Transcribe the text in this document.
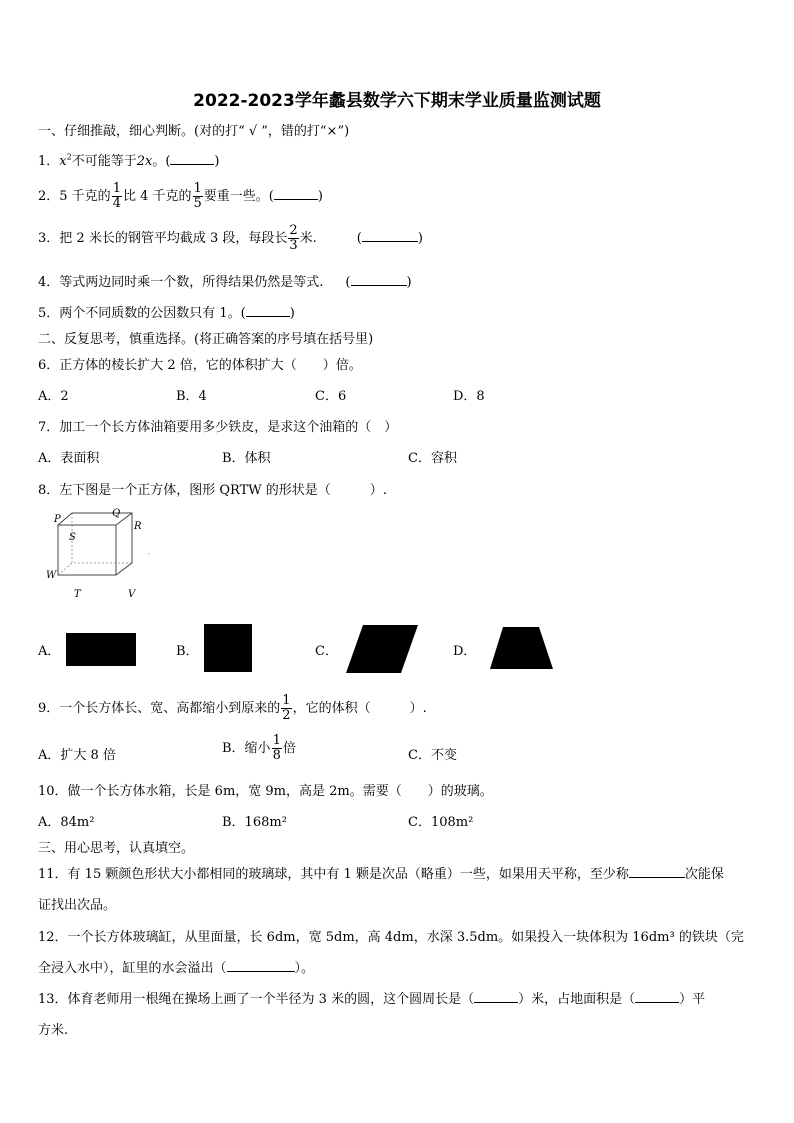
2022-2023学年蠡县数学六下期末学业质量监测试题
一、仔细推敲，细心判断。(对的打“ √ ”，错的打“×”)
1．$x^2$不可能等于2x。(	)
2．5 千克的 $\frac{1}{4}$ 比 4 千克的 $\frac{1}{5}$ 要重一些。(	)
3．把 2 米长的钢管平均截成 3 段，每段长 $\frac{2}{3}$ 米.	(	)
4．等式两边同时乘一个数，所得结果仍然是等式. (	)
5．两个不同质数的公因数只有 1。(	)
二、反复思考，慎重选择。(将正确答案的序号填在括号里)
6．正方体的棱长扩大 2 倍，它的体积扩大（　　）倍。
A．2	B．4	C．6	D．8
7．加工一个长方体油箱要用多少铁皮，是求这个油箱的（　）
A．表面积	B．体积	C．容积
8．左下图是一个正方体，图形 QRTW 的形状是（　　　）.
P
Q
R
S
W
T	V
ˎ
A．	B．	C．	D．
9．一个长方体长、宽、高都缩小到原来的 $\frac{1}{2}$ ，它的体积（　　　）.
A．扩大 8 倍	B．缩小 $\frac{1}{8}$ 倍	C．不变
10．做一个长方体水箱，长是 6m，宽 9m，高是 2m。需要（　　）的玻璃。
A．84m²	B．168m²	C．108m²
三、用心思考，认真填空。
11．有 15 颗颜色形状大小都相同的玻璃球，其中有 1 颗是次品（略重）一些，如果用天平称，至少称	次能保
证找出次品。
12．一个长方体玻璃缸，从里面量，长 6dm，宽 5dm，高 4dm，水深 3.5dm。如果投入一块体积为 16dm³ 的铁块（完
全浸入水中），缸里的水会溢出（	）。
13．体育老师用一根绳在操场上画了一个半径为 3 米的圆，这个圆周长是（	）米，占地面积是（	）平
方米.
